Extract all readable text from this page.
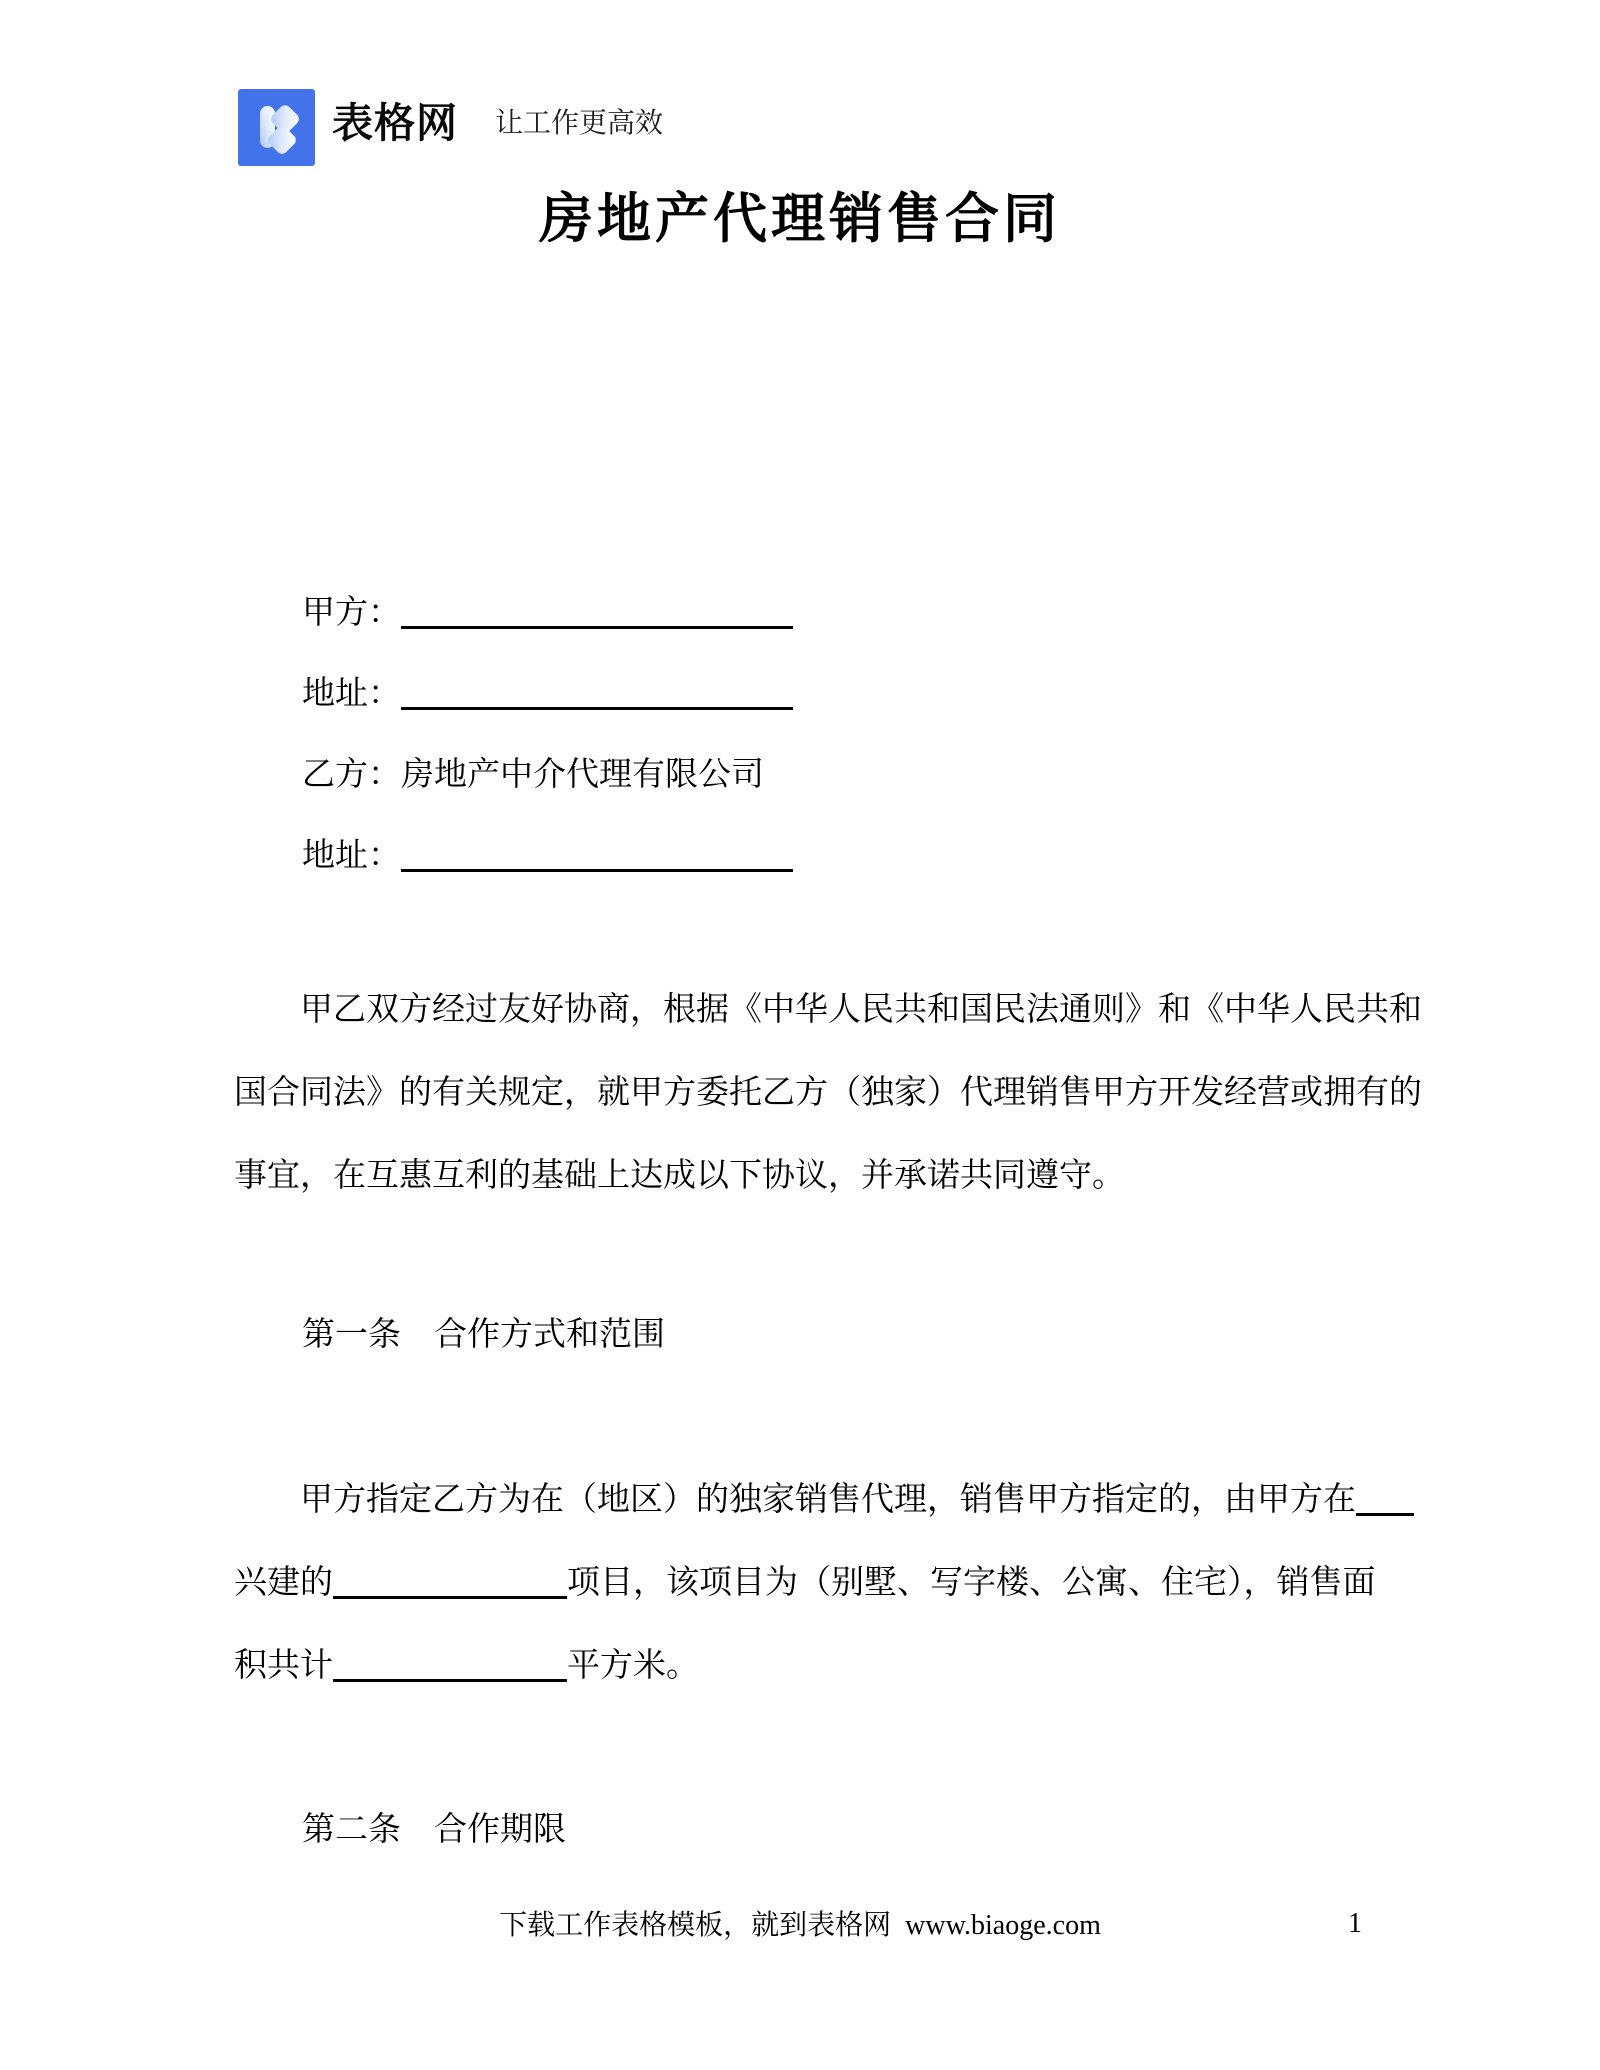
表格网 让工作更高效
房地产代理销售合同
甲方：
地址：
乙方：房地产中介代理有限公司
地址：
甲乙双方经过友好协商，根据《中华人民共和国民法通则》和《中华人民共和
国合同法》的有关规定，就甲方委托乙方（独家）代理销售甲方开发经营或拥有的
事宜，在互惠互利的基础上达成以下协议，并承诺共同遵守。
第一条　合作方式和范围
甲方指定乙方为在（地区）的独家销售代理，销售甲方指定的，由甲方在
兴建的	项目，该项目为（别墅、写字楼、公寓、住宅），销售面
积共计	平方米。
第二条　合作期限
下载工作表格模板，就到表格网  www.biaoge.com	1
